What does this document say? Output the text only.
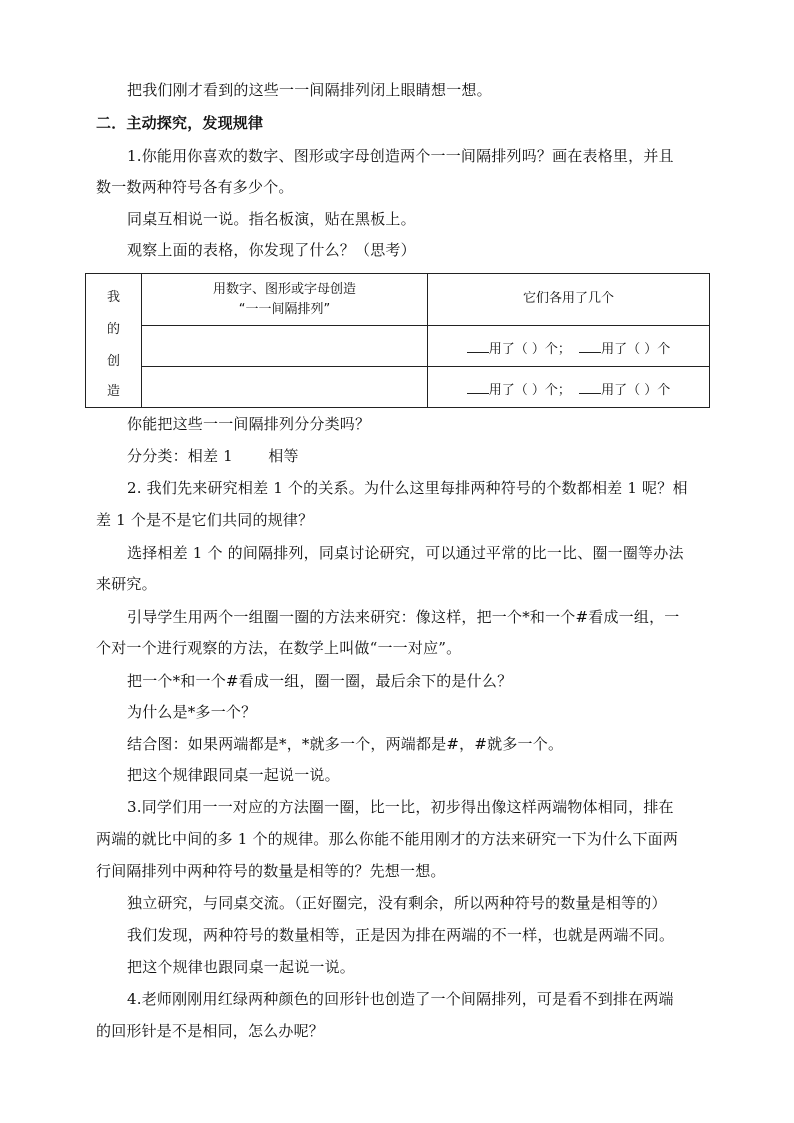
把我们刚才看到的这些一一间隔排列闭上眼睛想一想。
二．主动探究，发现规律
1.你能用你喜欢的数字、图形或字母创造两个一一间隔排列吗？画在表格里，并且
数一数两种符号各有多少个。
同桌互相说一说。指名板演，贴在黑板上。
观察上面的表格，你发现了什么？（思考）
我
的
创
造
用数字、图形或字母创造
“一一间隔排列”
它们各用了几个
用了（ ）个； 用了（ ）个
用了（ ）个； 用了（ ）个
你能把这些一一间隔排列分分类吗？
分分类：相差 1　　 相等
2. 我们先来研究相差 1 个的关系。为什么这里每排两种符号的个数都相差 1 呢？相
差 1 个是不是它们共同的规律？
选择相差 1 个 的间隔排列，同桌讨论研究，可以通过平常的比一比、圈一圈等办法
来研究。
引导学生用两个一组圈一圈的方法来研究：像这样，把一个*和一个#看成一组，一
个对一个进行观察的方法，在数学上叫做“一一对应”。
把一个*和一个#看成一组，圈一圈，最后余下的是什么？
为什么是*多一个？
结合图：如果两端都是*，*就多一个，两端都是#，#就多一个。
把这个规律跟同桌一起说一说。
3.同学们用一一对应的方法圈一圈，比一比，初步得出像这样两端物体相同，排在
两端的就比中间的多 1 个的规律。那么你能不能用刚才的方法来研究一下为什么下面两
行间隔排列中两种符号的数量是相等的？先想一想。
独立研究，与同桌交流。（正好圈完，没有剩余，所以两种符号的数量是相等的）
我们发现，两种符号的数量相等，正是因为排在两端的不一样，也就是两端不同。
把这个规律也跟同桌一起说一说。
4.老师刚刚用红绿两种颜色的回形针也创造了一个间隔排列，可是看不到排在两端
的回形针是不是相同，怎么办呢？
